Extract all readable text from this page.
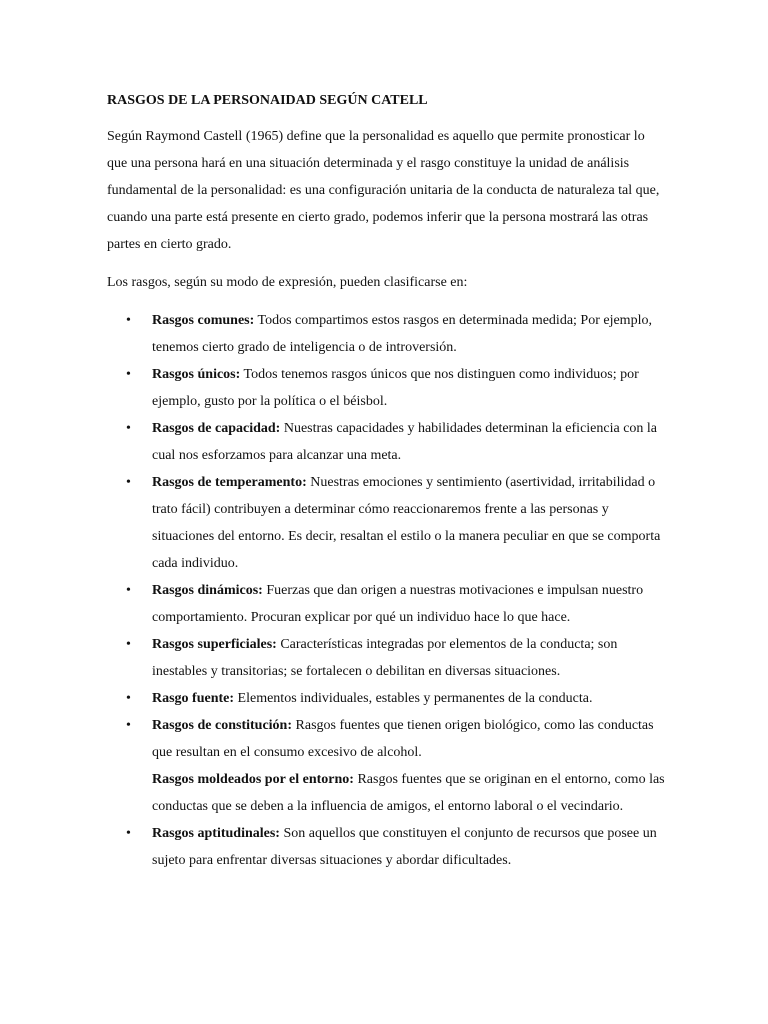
RASGOS DE LA PERSONAIDAD SEGÚN CATELL

Según Raymond Castell (1965) define que la personalidad es aquello que permite pronosticar lo que una persona hará en una situación determinada y el rasgo constituye la unidad de análisis fundamental de la personalidad: es una configuración unitaria de la conducta de naturaleza tal que, cuando una parte está presente en cierto grado, podemos inferir que la persona mostrará las otras partes en cierto grado.

Los rasgos, según su modo de expresión, pueden clasificarse en:

•	Rasgos comunes: Todos compartimos estos rasgos en determinada medida; Por ejemplo, tenemos cierto grado de inteligencia o de introversión.
•	Rasgos únicos: Todos tenemos rasgos únicos que nos distinguen como individuos; por ejemplo, gusto por la política o el béisbol.
•	Rasgos de capacidad: Nuestras capacidades y habilidades determinan la eficiencia con la cual nos esforzamos para alcanzar una meta.
•	Rasgos de temperamento: Nuestras emociones y sentimiento (asertividad, irritabilidad o trato fácil) contribuyen a determinar cómo reaccionaremos frente a las personas y situaciones del entorno. Es decir, resaltan el estilo o la manera peculiar en que se comporta cada individuo.
•	Rasgos dinámicos: Fuerzas que dan origen a nuestras motivaciones e impulsan nuestro comportamiento. Procuran explicar por qué un individuo hace lo que hace.
•	Rasgos superficiales: Características integradas por elementos de la conducta; son inestables y transitorias; se fortalecen o debilitan en diversas situaciones.
•	Rasgo fuente: Elementos individuales, estables y permanentes de la conducta.
•	Rasgos de constitución: Rasgos fuentes que tienen origen biológico, como las conductas que resultan en el consumo excesivo de alcohol.
Rasgos moldeados por el entorno: Rasgos fuentes que se originan en el entorno, como las conductas que se deben a la influencia de amigos, el entorno laboral o el vecindario.
•	Rasgos aptitudinales: Son aquellos que constituyen el conjunto de recursos que posee un sujeto para enfrentar diversas situaciones y abordar dificultades.
